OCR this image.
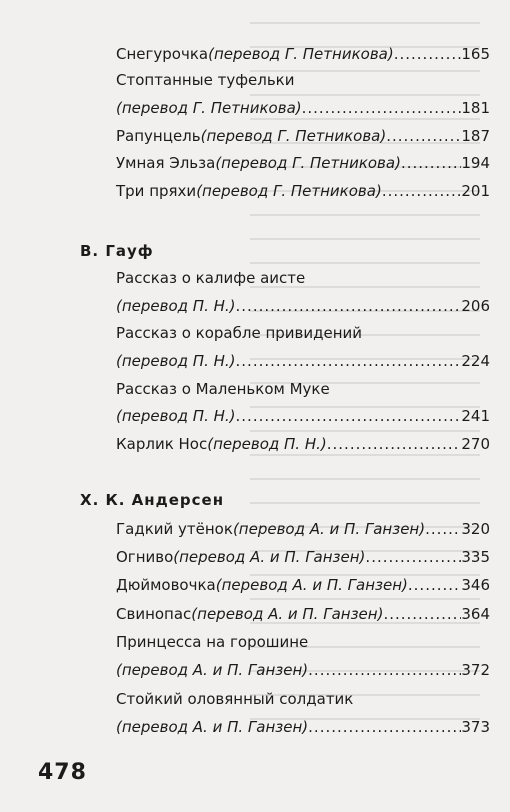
Снегурочка (перевод Г. Петникова) .....	165
Стоптанные туфельки
(перевод Г. Петникова) .....	181
Рапунцель (перевод Г. Петникова) .....	187
Умная Эльза (перевод Г. Петникова) .....	194
Три пряхи (перевод Г. Петникова) .....	201
В. Гауф
Рассказ о калифе аисте
(перевод П. Н.) .....	206
Рассказ о корабле привидений
(перевод П. Н.) .....	224
Рассказ о Маленьком Муке
(перевод П. Н.) .....	241
Карлик Нос (перевод П. Н.) .....	270
Х. К. Андерсен
Гадкий утёнок (перевод А. и П. Ганзен) ..... 320
Огниво (перевод А. и П. Ганзен) .....	335
Дюймовочка (перевод А. и П. Ганзен) .....	346
Свинопас (перевод А. и П. Ганзен) .....	364
Принцесса на горошине
(перевод А. и П. Ганзен) .....	372
Стойкий оловянный солдатик
(перевод А. и П. Ганзен) .....	373
478
